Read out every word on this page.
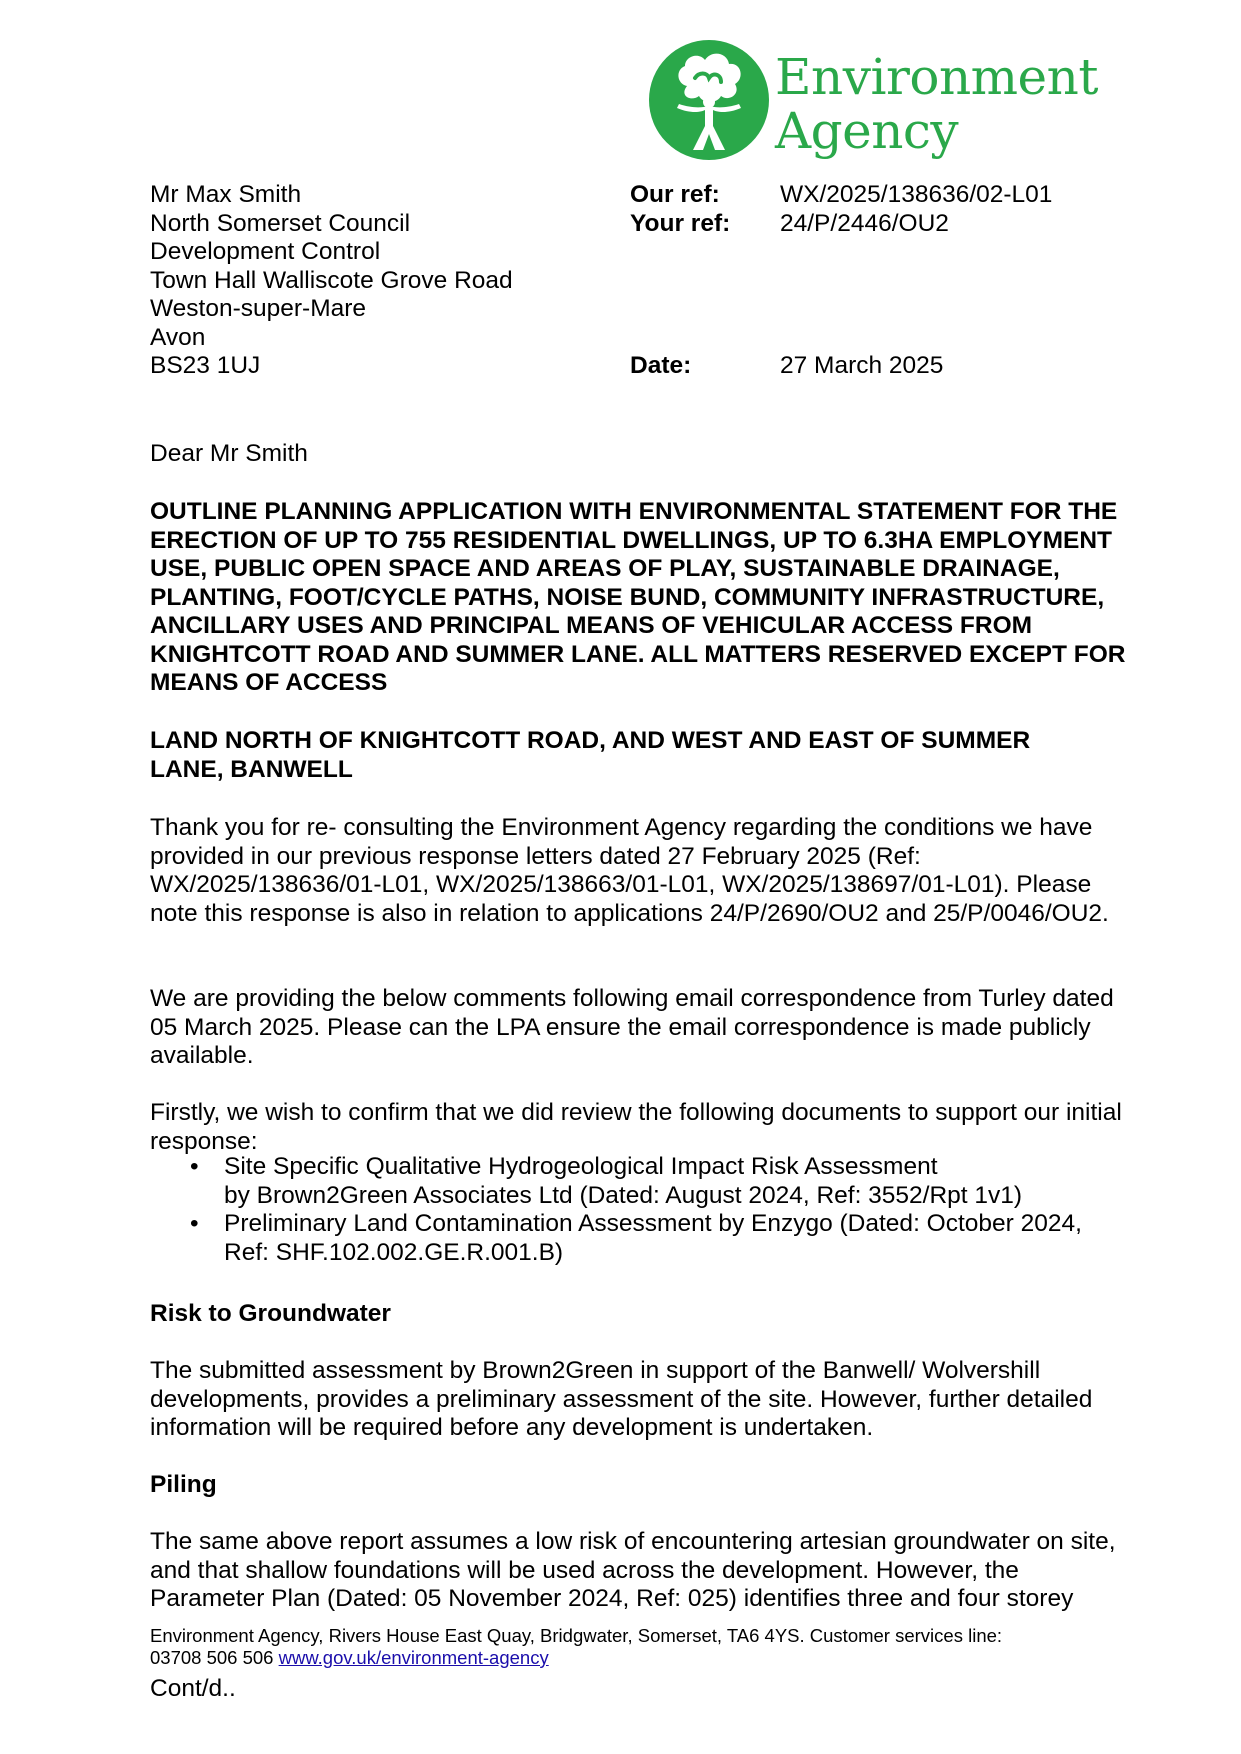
Environment
Agency
Mr Max Smith
North Somerset Council
Development Control
Town Hall Walliscote Grove Road
Weston-super-Mare
Avon
BS23 1UJ
Our ref: WX/2025/138636/02-L01
Your ref: 24/P/2446/OU2
Date:	27 March 2025
Dear Mr Smith
OUTLINE PLANNING APPLICATION WITH ENVIRONMENTAL STATEMENT FOR THE ERECTION OF UP TO 755 RESIDENTIAL DWELLINGS, UP TO 6.3HA EMPLOYMENT USE, PUBLIC OPEN SPACE AND AREAS OF PLAY, SUSTAINABLE DRAINAGE, PLANTING, FOOT/CYCLE PATHS, NOISE BUND, COMMUNITY INFRASTRUCTURE, ANCILLARY USES AND PRINCIPAL MEANS OF VEHICULAR ACCESS FROM KNIGHTCOTT ROAD AND SUMMER LANE. ALL MATTERS RESERVED EXCEPT FOR MEANS OF ACCESS
LAND NORTH OF KNIGHTCOTT ROAD, AND WEST AND EAST OF SUMMER LANE, BANWELL
Thank you for re- consulting the Environment Agency regarding the conditions we have provided in our previous response letters dated 27 February 2025 (Ref: WX/2025/138636/01-L01, WX/2025/138663/01-L01, WX/2025/138697/01-L01). Please note this response is also in relation to applications 24/P/2690/OU2 and 25/P/0046/OU2.
We are providing the below comments following email correspondence from Turley dated 05 March 2025. Please can the LPA ensure the email correspondence is made publicly available.
Firstly, we wish to confirm that we did review the following documents to support our initial response:
• Site Specific Qualitative Hydrogeological Impact Risk Assessment
by Brown2Green Associates Ltd (Dated: August 2024, Ref: 3552/Rpt 1v1)
• Preliminary Land Contamination Assessment by Enzygo (Dated: October 2024,
Ref: SHF.102.002.GE.R.001.B)
Risk to Groundwater
The submitted assessment by Brown2Green in support of the Banwell/ Wolvershill developments, provides a preliminary assessment of the site. However, further detailed information will be required before any development is undertaken.
Piling
The same above report assumes a low risk of encountering artesian groundwater on site, and that shallow foundations will be used across the development. However, the Parameter Plan (Dated: 05 November 2024, Ref: 025) identifies three and four storey
Environment Agency, Rivers House East Quay, Bridgwater, Somerset, TA6 4YS. Customer services line:
03708 506 506 www.gov.uk/environment-agency
Cont/d..
